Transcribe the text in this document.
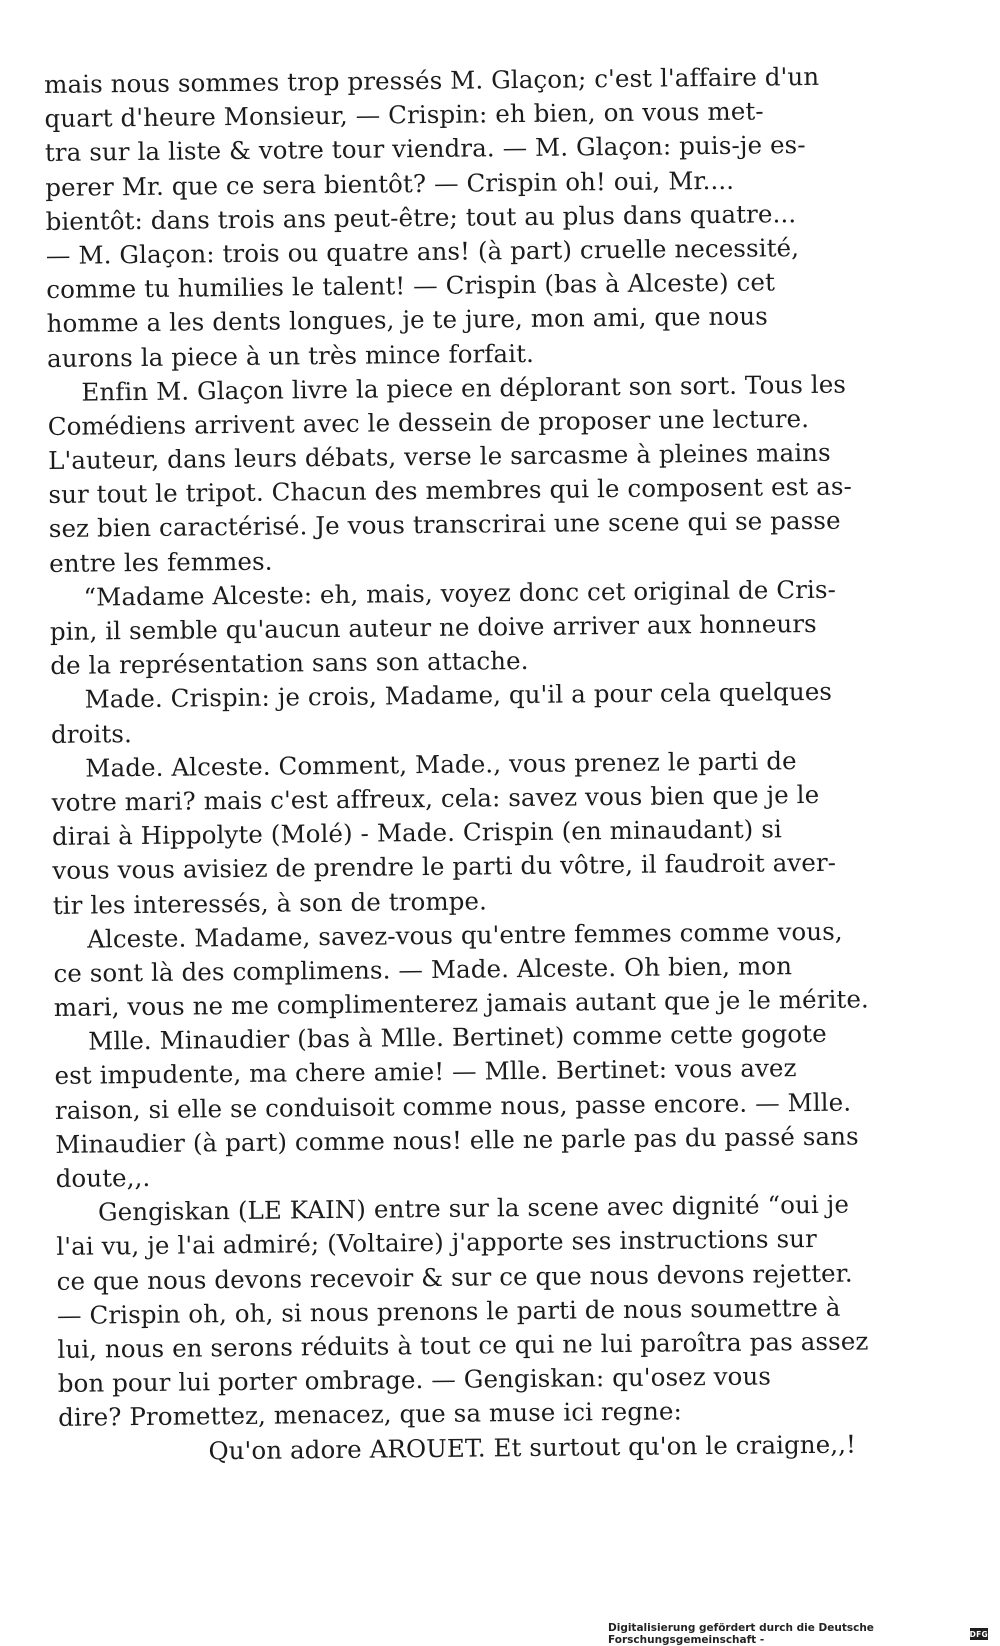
mais nous sommes trop pressés M. Glaçon; c'est l'affaire d'un
quart d'heure Monsieur, — Crispin: eh bien, on vous met-
tra sur la liste & votre tour viendra. — M. Glaçon: puis-je es-
perer Mr. que ce sera bientôt? — Crispin oh! oui, Mr....
bientôt: dans trois ans peut-être; tout au plus dans quatre...
— M. Glaçon: trois ou quatre ans! (à part) cruelle necessité,
comme tu humilies le talent! — Crispin (bas à Alceste) cet
homme a les dents longues, je te jure, mon ami, que nous
aurons la piece à un très mince forfait.
Enfin M. Glaçon livre la piece en déplorant son sort. Tous les
Comédiens arrivent avec le dessein de proposer une lecture.
L'auteur, dans leurs débats, verse le sarcasme à pleines mains
sur tout le tripot. Chacun des membres qui le composent est as-
sez bien caractérisé. Je vous transcrirai une scene qui se passe
entre les femmes.
“Madame Alceste: eh, mais, voyez donc cet original de Cris-
pin, il semble qu'aucun auteur ne doive arriver aux honneurs
de la représentation sans son attache.
Made. Crispin: je crois, Madame, qu'il a pour cela quelques
droits.
Made. Alceste. Comment, Made., vous prenez le parti de
votre mari? mais c'est affreux, cela: savez vous bien que je le
dirai à Hippolyte (Molé) - Made. Crispin (en minaudant) si
vous vous avisiez de prendre le parti du vôtre, il faudroit aver-
tir les interessés, à son de trompe.
Alceste. Madame, savez-vous qu'entre femmes comme vous,
ce sont là des complimens. — Made. Alceste. Oh bien, mon
mari, vous ne me complimenterez jamais autant que je le mérite.
Mlle. Minaudier (bas à Mlle. Bertinet) comme cette gogote
est impudente, ma chere amie! — Mlle. Bertinet: vous avez
raison, si elle se conduisoit comme nous, passe encore. — Mlle.
Minaudier (à part) comme nous! elle ne parle pas du passé sans
doute,,.
Gengiskan (LE KAIN) entre sur la scene avec dignité “oui je
l'ai vu, je l'ai admiré; (Voltaire) j'apporte ses instructions sur
ce que nous devons recevoir & sur ce que nous devons rejetter.
— Crispin oh, oh, si nous prenons le parti de nous soumettre à
lui, nous en serons réduits à tout ce qui ne lui paroîtra pas assez
bon pour lui porter ombrage. — Gengiskan: qu'osez vous
dire? Promettez, menacez, que sa muse ici regne:
Qu'on adore AROUET. Et surtout qu'on le craigne,,!
Digitalisierung gefördert durch die Deutsche Forschungsgemeinschaft -	DFG
